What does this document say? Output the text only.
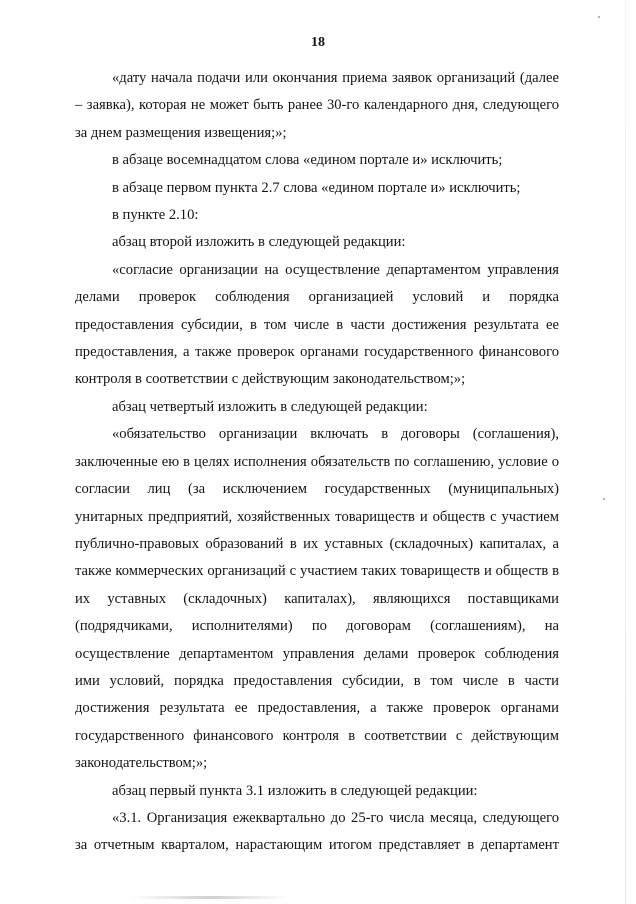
18

«дату начала подачи или окончания приема заявок организаций (далее – заявка), которая не может быть ранее 30-го календарного дня, следующего за днем размещения извещения;»;

в абзаце восемнадцатом слова «едином портале и» исключить;

в абзаце первом пункта 2.7 слова «едином портале и» исключить;

в пункте 2.10:

абзац второй изложить в следующей редакции:

«согласие организации на осуществление департаментом управления делами проверок соблюдения организацией условий и порядка предоставления субсидии, в том числе в части достижения результата ее предоставления, а также проверок органами государственного финансового контроля в соответствии с действующим законодательством;»;

абзац четвертый изложить в следующей редакции:

«обязательство организации включать в договоры (соглашения), заключенные ею в целях исполнения обязательств по соглашению, условие о согласии лиц (за исключением государственных (муниципальных) унитарных предприятий, хозяйственных товариществ и обществ с участием публично-правовых образований в их уставных (складочных) капиталах, а также коммерческих организаций с участием таких товариществ и обществ в их уставных (складочных) капиталах), являющихся поставщиками (подрядчиками, исполнителями) по договорам (соглашениям), на осуществление департаментом управления делами проверок соблюдения ими условий, порядка предоставления субсидии, в том числе в части достижения результата ее предоставления, а также проверок органами государственного финансового контроля в соответствии с действующим законодательством;»;

абзац первый пункта 3.1 изложить в следующей редакции:

«3.1. Организация ежеквартально до 25-го числа месяца, следующего за отчетным кварталом, нарастающим итогом представляет в департамент
